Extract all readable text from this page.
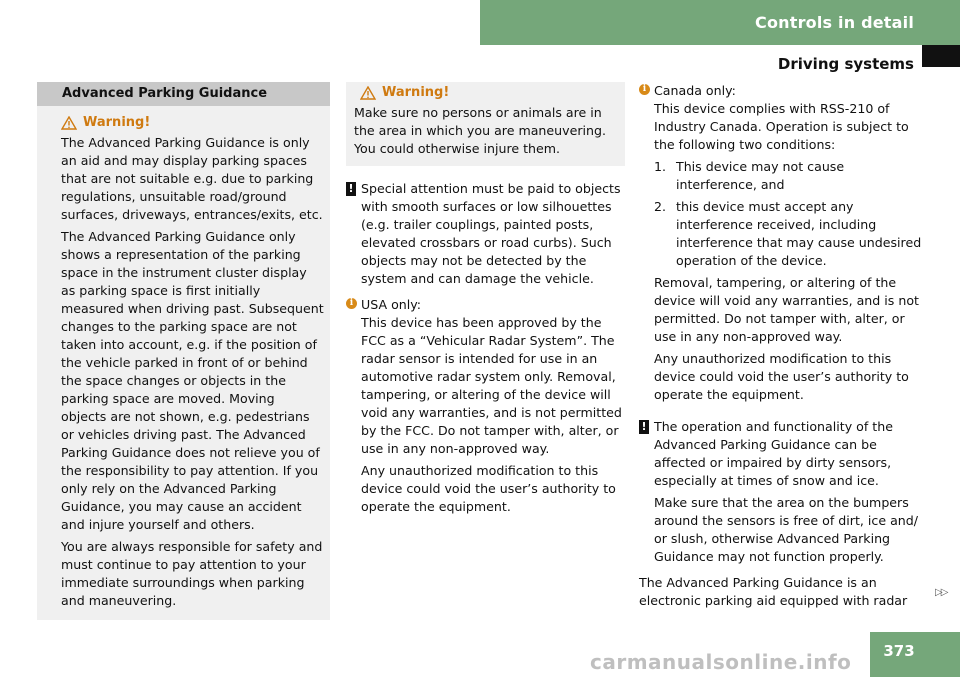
Controls in detail
Driving systems
Advanced Parking Guidance
Warning!

The Advanced Parking Guidance is only an aid and may display parking spaces that are not suitable e.g. due to parking regulations, unsuitable road/ground surfaces, driveways, entrances/exits, etc.

The Advanced Parking Guidance only shows a representation of the parking space in the instrument cluster display as parking space is first initially measured when driving past. Subsequent changes to the parking space are not taken into account, e.g. if the position of the vehicle parked in front of or behind the space changes or objects in the parking space are moved. Moving objects are not shown, e.g. pedestrians or vehicles driving past. The Advanced Parking Guidance does not relieve you of the responsibility to pay attention. If you only rely on the Advanced Parking Guidance, you may cause an accident and injure yourself and others.

You are always responsible for safety and must continue to pay attention to your immediate surroundings when parking and maneuvering.

Warning!

Make sure no persons or animals are in the area in which you are maneuvering. You could otherwise injure them.

! Special attention must be paid to objects with smooth surfaces or low silhouettes (e.g. trailer couplings, painted posts, elevated crossbars or road curbs). Such objects may not be detected by the system and can damage the vehicle.

i USA only:

This device has been approved by the FCC as a “Vehicular Radar System”. The radar sensor is intended for use in an automotive radar system only. Removal, tampering, or altering of the device will void any warranties, and is not permitted by the FCC. Do not tamper with, alter, or use in any non-approved way.

Any unauthorized modification to this device could void the user’s authority to operate the equipment.

i Canada only:

This device complies with RSS-210 of Industry Canada. Operation is subject to the following two conditions:

1. This device may not cause interference, and
2. this device must accept any interference received, including interference that may cause undesired operation of the device.

Removal, tampering, or altering of the device will void any warranties, and is not permitted. Do not tamper with, alter, or use in any non-approved way.

Any unauthorized modification to this device could void the user’s authority to operate the equipment.

! The operation and functionality of the Advanced Parking Guidance can be affected or impaired by dirty sensors, especially at times of snow and ice.

Make sure that the area on the bumpers around the sensors is free of dirt, ice and/ or slush, otherwise Advanced Parking Guidance may not function properly.

The Advanced Parking Guidance is an electronic parking aid equipped with radar

▷▷
373
carmanualsonline.info
